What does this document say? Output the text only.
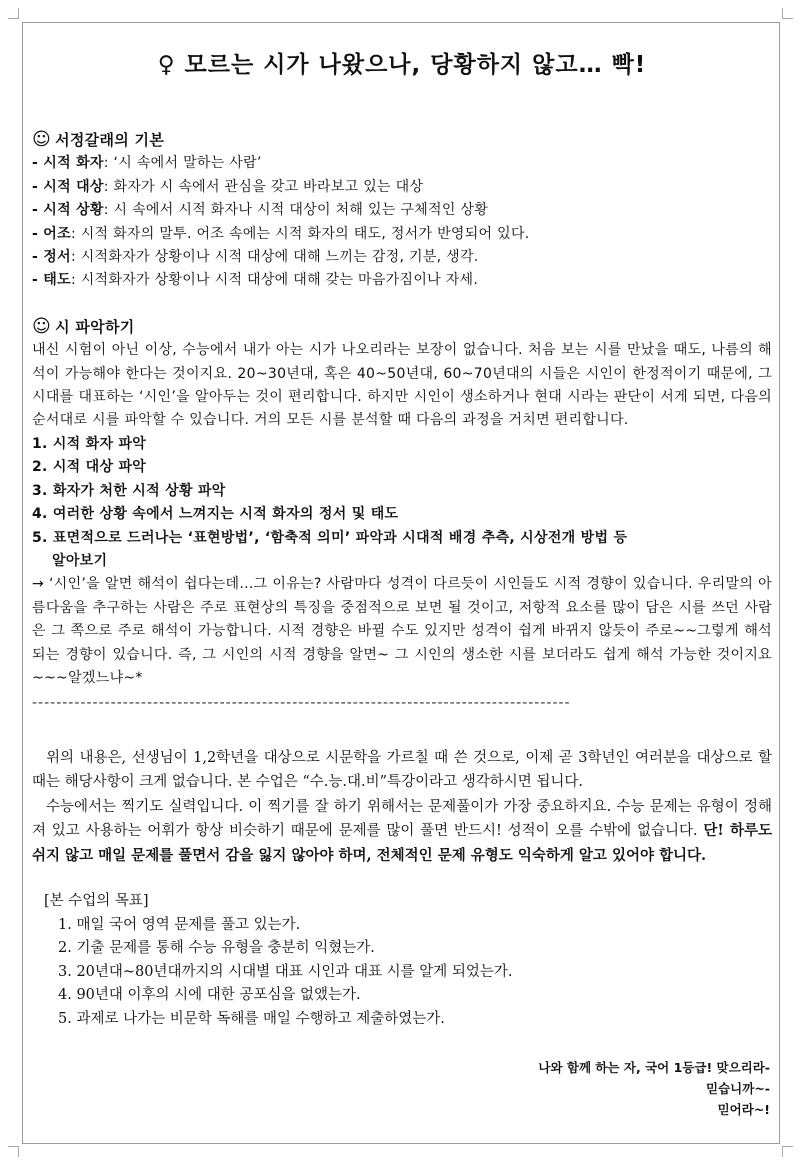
♀ 모르는 시가 나왔으나, 당황하지 않고… 빡!

☺ 서정갈래의 기본

- 시적 화자: ‘시 속에서 말하는 사람’

- 시적 대상: 화자가 시 속에서 관심을 갖고 바라보고 있는 대상

- 시적 상황: 시 속에서 시적 화자나 시적 대상이 처해 있는 구체적인 상황

- 어조: 시적 화자의 말투. 어조 속에는 시적 화자의 태도, 정서가 반영되어 있다.

- 정서: 시적화자가 상황이나 시적 대상에 대해 느끼는 감정, 기분, 생각.

- 태도: 시적화자가 상황이나 시적 대상에 대해 갖는 마음가짐이나 자세.

☺ 시 파악하기

내신 시험이 아닌 이상, 수능에서 내가 아는 시가 나오리라는 보장이 없습니다. 처음 보는 시를 만났을 때도, 나름의 해석이 가능해야 한다는 것이지요. 20~30년대, 혹은 40~50년대, 60~70년대의 시들은 시인이 한정적이기 때문에, 그 시대를 대표하는 ‘시인’을 알아두는 것이 편리합니다. 하지만 시인이 생소하거나 현대 시라는 판단이 서게 되면, 다음의 순서대로 시를 파악할 수 있습니다. 거의 모든 시를 분석할 때 다음의 과정을 거치면 편리합니다.

1. 시적 화자 파악

2. 시적 대상 파악

3. 화자가 처한 시적 상황 파악

4. 여러한 상황 속에서 느껴지는 시적 화자의 정서 및 태도

5. 표면적으로 드러나는 ‘표현방법’, ‘함축적 의미’ 파악과 시대적 배경 추측, 시상전개 방법 등
알아보기

→ ‘시인’을 알면 해석이 쉽다는데...그 이유는? 사람마다 성격이 다르듯이 시인들도 시적 경향이 있습니다. 우리말의 아름다움을 추구하는 사람은 주로 표현상의 특징을 중점적으로 보면 될 것이고, 저항적 요소를 많이 담은 시를 쓰던 사람은 그 쪽으로 주로 해석이 가능합니다. 시적 경향은 바뀔 수도 있지만 성격이 쉽게 바뀌지 않듯이 주로~~그렇게 해석되는 경향이 있습니다. 즉, 그 시인의 시적 경향을 알면~ 그 시인의 생소한 시를 보더라도 쉽게 해석 가능한 것이지요~~~알겠느냐~*

-----------------------------------------------------------------------------------------

위의 내용은, 선생님이 1,2학년을 대상으로 시문학을 가르칠 때 쓴 것으로, 이제 곧 3학년인 여러분을 대상으로 할 때는 해당사항이 크게 없습니다. 본 수업은 “수.능.대.비”특강이라고 생각하시면 됩니다.

수능에서는 찍기도 실력입니다. 이 찍기를 잘 하기 위해서는 문제풀이가 가장 중요하지요. 수능 문제는 유형이 정해져 있고 사용하는 어휘가 항상 비슷하기 때문에 문제를 많이 풀면 반드시! 성적이 오를 수밖에 없습니다. 단! 하루도 쉬지 않고 매일 문제를 풀면서 감을 잃지 않아야 하며, 전체적인 문제 유형도 익숙하게 알고 있어야 합니다.

[본 수업의 목표]
1. 매일 국어 영역 문제를 풀고 있는가.
2. 기출 문제를 통해 수능 유형을 충분히 익혔는가.
3. 20년대~80년대까지의 시대별 대표 시인과 대표 시를 알게 되었는가.
4. 90년대 이후의 시에 대한 공포심을 없앴는가.
5. 과제로 나가는 비문학 독해를 매일 수행하고 제출하였는가.
나와 함께 하는 자, 국어 1등급! 맞으리라-
믿습니까~-
믿어라~!
